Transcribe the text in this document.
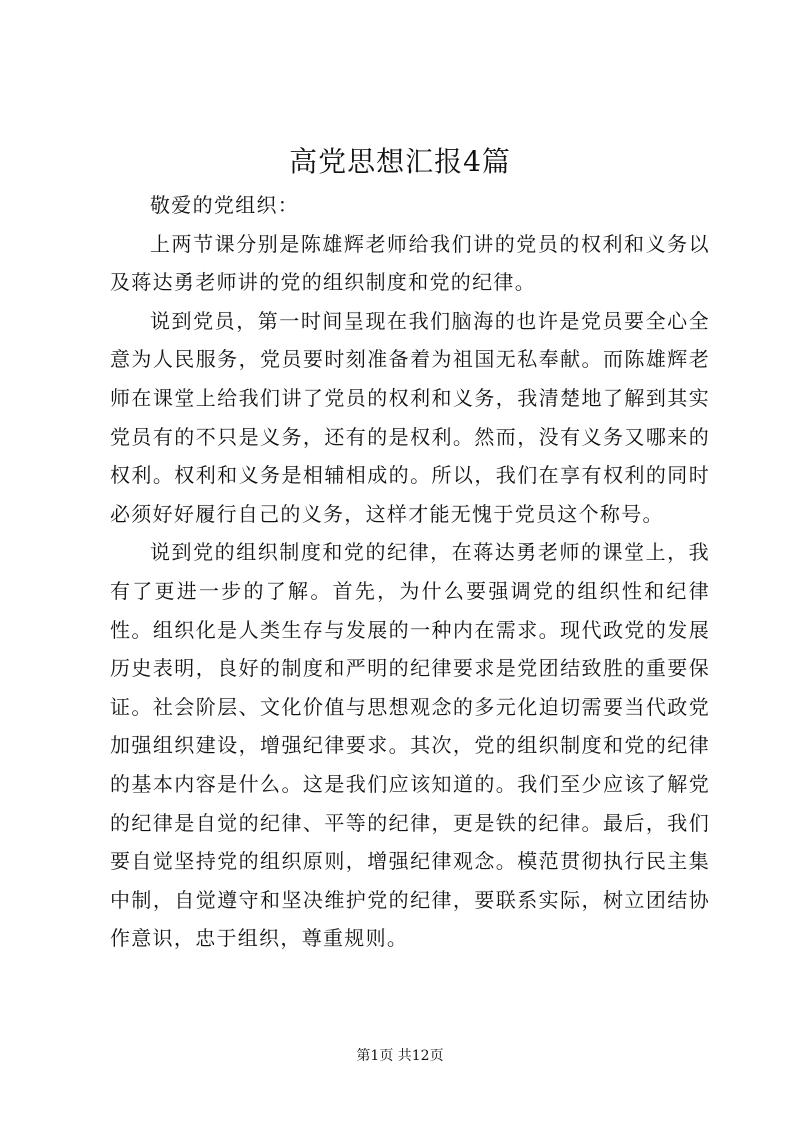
高党思想汇报4篇

敬爱的党组织：

上两节课分别是陈雄辉老师给我们讲的党员的权利和义务以及蒋达勇老师讲的党的组织制度和党的纪律。

说到党员，第一时间呈现在我们脑海的也许是党员要全心全意为人民服务，党员要时刻准备着为祖国无私奉献。而陈雄辉老师在课堂上给我们讲了党员的权利和义务，我清楚地了解到其实党员有的不只是义务，还有的是权利。然而，没有义务又哪来的权利。权利和义务是相辅相成的。所以，我们在享有权利的同时必须好好履行自己的义务，这样才能无愧于党员这个称号。

说到党的组织制度和党的纪律，在蒋达勇老师的课堂上，我有了更进一步的了解。首先，为什么要强调党的组织性和纪律性。组织化是人类生存与发展的一种内在需求。现代政党的发展历史表明，良好的制度和严明的纪律要求是党团结致胜的重要保证。社会阶层、文化价值与思想观念的多元化迫切需要当代政党加强组织建设，增强纪律要求。其次，党的组织制度和党的纪律的基本内容是什么。这是我们应该知道的。我们至少应该了解党的纪律是自觉的纪律、平等的纪律，更是铁的纪律。最后，我们要自觉坚持党的组织原则，增强纪律观念。模范贯彻执行民主集中制，自觉遵守和坚决维护党的纪律，要联系实际，树立团结协作意识，忠于组织，尊重规则。

第1页 共12页
